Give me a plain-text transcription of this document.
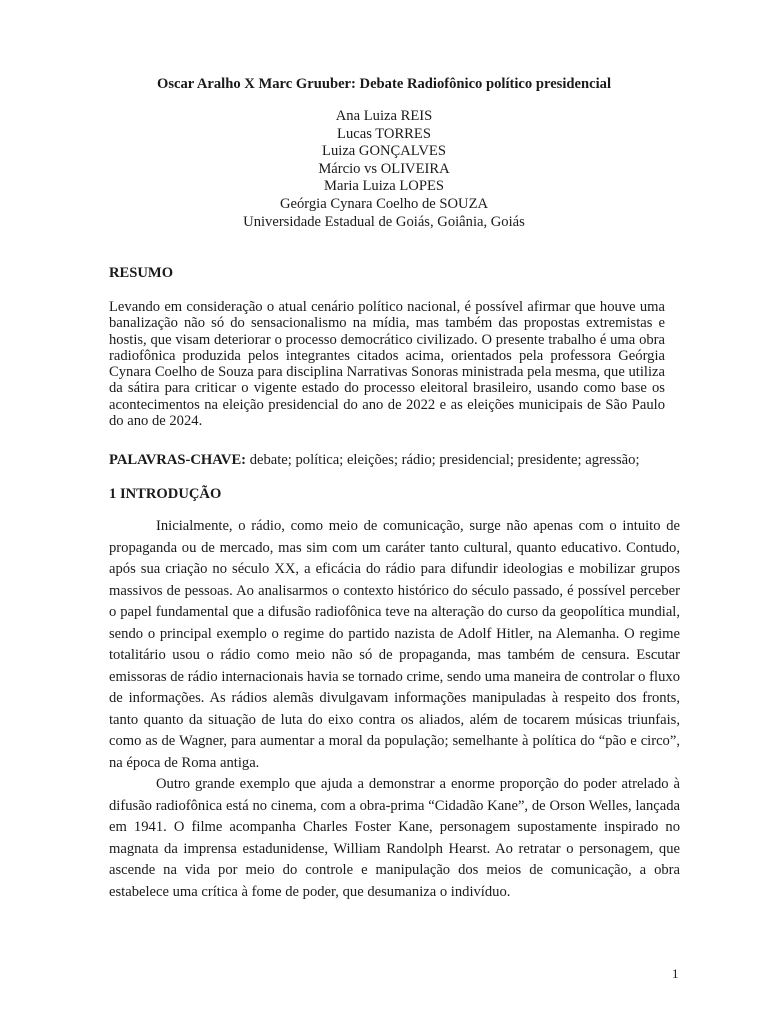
Oscar Aralho X Marc Gruuber: Debate Radiofônico político presidencial
Ana Luiza REIS
Lucas TORRES
Luiza GONÇALVES
Márcio vs OLIVEIRA
Maria Luiza LOPES
Geórgia Cynara Coelho de SOUZA
Universidade Estadual de Goiás, Goiânia, Goiás
RESUMO
Levando em consideração o atual cenário político nacional, é possível afirmar que houve uma banalização não só do sensacionalismo na mídia, mas também das propostas extremistas e hostis, que visam deteriorar o processo democrático civilizado. O presente trabalho é uma obra radiofônica produzida pelos integrantes citados acima, orientados pela professora Geórgia Cynara Coelho de Souza para disciplina Narrativas Sonoras ministrada pela mesma, que utiliza da sátira para criticar o vigente estado do processo eleitoral brasileiro, usando como base os acontecimentos na eleição presidencial do ano de 2022 e as eleições municipais de São Paulo do ano de 2024.
PALAVRAS-CHAVE: debate; política; eleições; rádio; presidencial; presidente; agressão;
1 INTRODUÇÃO

Inicialmente, o rádio, como meio de comunicação, surge não apenas com o intuito de propaganda ou de mercado, mas sim com um caráter tanto cultural, quanto educativo. Contudo, após sua criação no século XX, a eficácia do rádio para difundir ideologias e mobilizar grupos massivos de pessoas. Ao analisarmos o contexto histórico do século passado, é possível perceber o papel fundamental que a difusão radiofônica teve na alteração do curso da geopolítica mundial, sendo o principal exemplo o regime do partido nazista de Adolf Hitler, na Alemanha. O regime totalitário usou o rádio como meio não só de propaganda, mas também de censura. Escutar emissoras de rádio internacionais havia se tornado crime, sendo uma maneira de controlar o fluxo de informações. As rádios alemãs divulgavam informações manipuladas à respeito dos fronts, tanto quanto da situação de luta do eixo contra os aliados, além de tocarem músicas triunfais, como as de Wagner, para aumentar a moral da população; semelhante à política do “pão e circo”, na época de Roma antiga.

Outro grande exemplo que ajuda a demonstrar a enorme proporção do poder atrelado à difusão radiofônica está no cinema, com a obra-prima “Cidadão Kane”, de Orson Welles, lançada em 1941. O filme acompanha Charles Foster Kane, personagem supostamente inspirado no magnata da imprensa estadunidense, William Randolph Hearst. Ao retratar o personagem, que ascende na vida por meio do controle e manipulação dos meios de comunicação, a obra estabelece uma crítica à fome de poder, que desumaniza o indivíduo.

1
